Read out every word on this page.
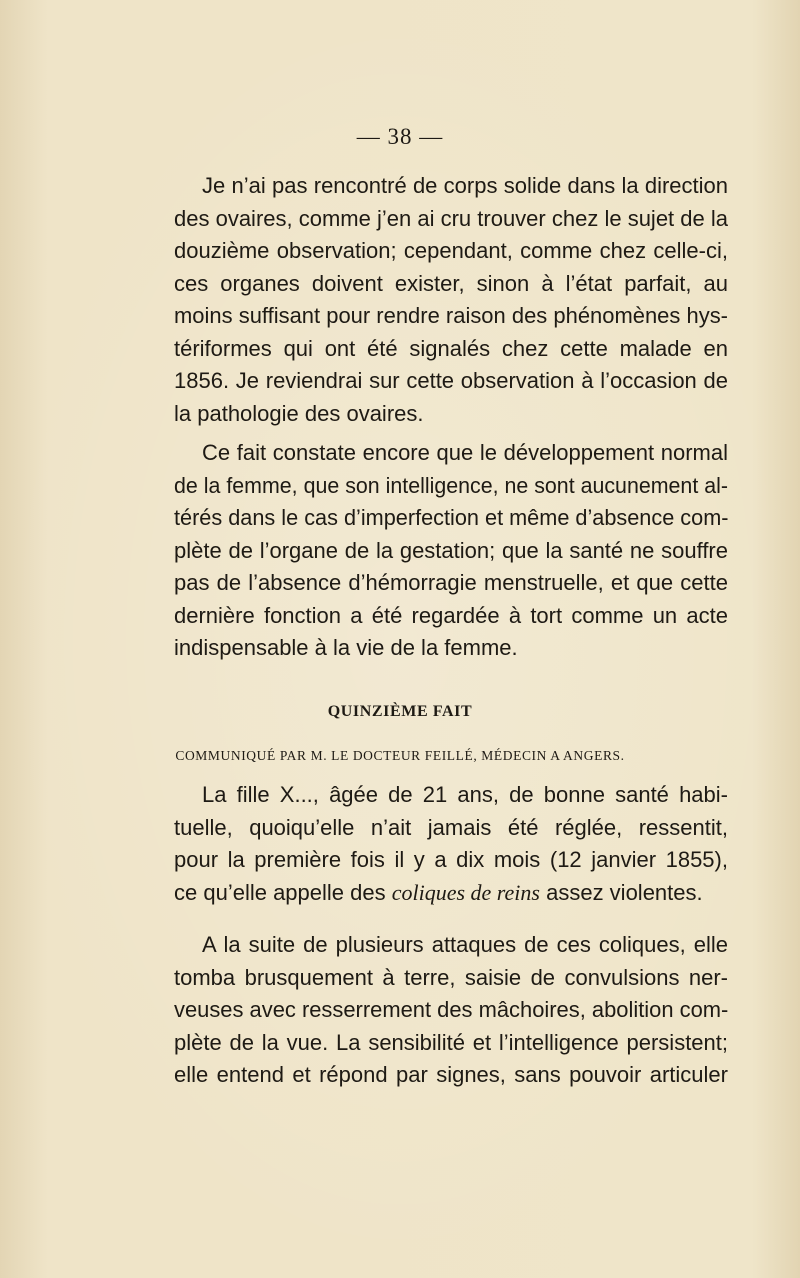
— 38 —
Je n’ai pas rencontré de corps solide dans la direction
des ovaires, comme j’en ai cru trouver chez le sujet de la
douzième observation; cependant, comme chez celle-ci,
ces organes doivent exister, sinon à l’état parfait, au
moins suffisant pour rendre raison des phénomènes hys-
tériformes qui ont été signalés chez cette malade en
1856. Je reviendrai sur cette observation à l’occasion de
la pathologie des ovaires.
Ce fait constate encore que le développement normal
de la femme, que son intelligence, ne sont aucunement al-
térés dans le cas d’imperfection et même d’absence com-
plète de l’organe de la gestation; que la santé ne souffre
pas de l’absence d’hémorragie menstruelle, et que cette
dernière fonction a été regardée à tort comme un acte
indispensable à la vie de la femme.
QUINZIÈME FAIT
COMMUNIQUÉ PAR M. LE DOCTEUR FEILLÉ, MÉDECIN A ANGERS.
La fille X..., âgée de 21 ans, de bonne santé habi-
tuelle, quoiqu’elle n’ait jamais été réglée, ressentit,
pour la première fois il y a dix mois (12 janvier 1855),
ce qu’elle appelle des coliques de reins assez violentes.
A la suite de plusieurs attaques de ces coliques, elle
tomba brusquement à terre, saisie de convulsions ner-
veuses avec resserrement des mâchoires, abolition com-
plète de la vue. La sensibilité et l’intelligence persistent;
elle entend et répond par signes, sans pouvoir articuler
